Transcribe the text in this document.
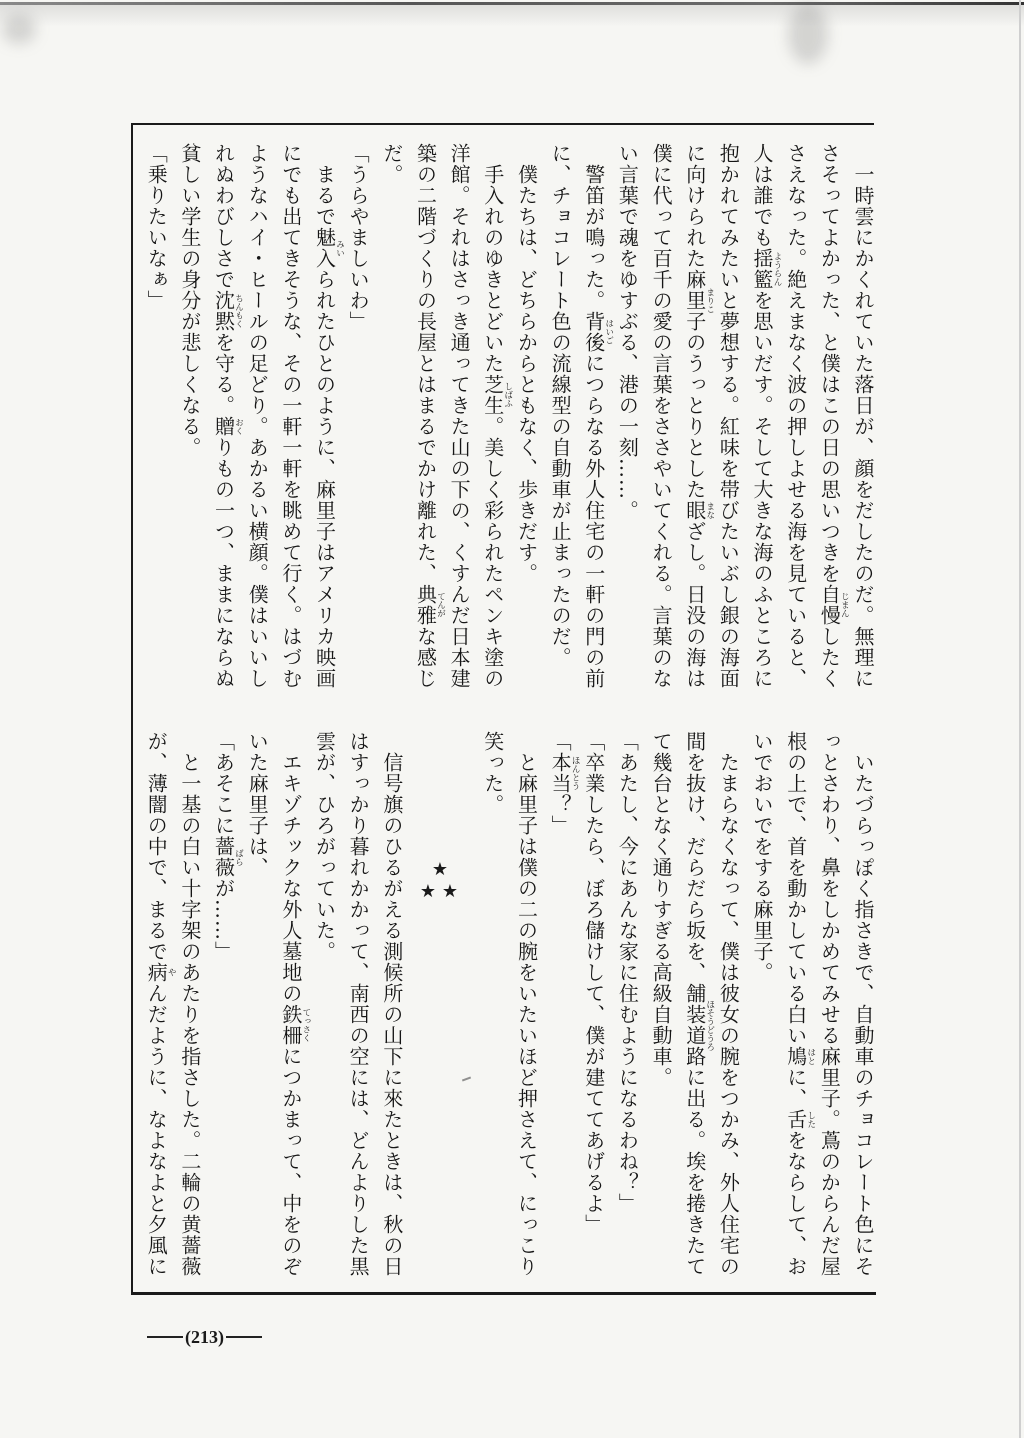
一時雲にかくれていた落日が、顔をだしたのだ。無理に
さそってよかった、と僕はこの日の思いつきを自慢
じまん
したく
さえなった。絶えまなく波の押しよせる海を見ていると、
人は誰でも揺籃
ようらん
を思いだす。そして大きな海のふところに
抱かれてみたいと夢想する。紅味を帯びたいぶし銀の海面
に向けられた麻里子
まりこ
のうっとりとした眼
まな
ざし。日没の海は
僕に代って百千の愛の言葉をささやいてくれる。言葉のな
い言葉で魂をゆすぶる、港の一刻……。
警笛が鳴った。背後
はいご
につらなる外人住宅の一軒の門の前
に、チョコレート色の流線型の自動車が止まったのだ。
僕たちは、どちらからともなく、歩きだす。
手入れのゆきとどいた芝生
しばふ
。美しく彩られたペンキ塗の
洋館。それはさっき通ってきた山の下の、くすんだ日本建
築の二階づくりの長屋とはまるでかけ離れた、典雅
てんが
な感じ
だ。
「うらやましいわ」
まるで魅入
みい
られたひとのように、麻里子はアメリカ映画
にでも出てきそうな、その一軒一軒を眺めて行く。はづむ
ようなハイ・ヒールの足どり。あかるい横顔。僕はいいし
れぬわびしさで沈黙
ちんもく
を守る。贈
おく
りもの一つ、ままにならぬ
貧しい学生の身分が悲しくなる。
「乗りたいなぁ」
いたづらっぽく指さきで、自動車のチョコレート色にそ
っとさわり、鼻をしかめてみせる麻里子。蔦のからんだ屋
根の上で、首を動かしている白い鳩
はと
に、舌
した
をならして、お
いでおいでをする麻里子。
たまらなくなって、僕は彼女の腕をつかみ、外人住宅の
間を抜け、だらだら坂を、舗装道路
ほそうどうろ
に出る。埃を捲きたて
て幾台となく通りすぎる高級自動車。
「あたし、今にあんな家に住むようになるわね？」
「卒業したら、ぼろ儲けして、僕が建ててあげるよ」
「本当
ほんとう
？」
と麻里子は僕の二の腕をいたいほど押さえて、にっこり
笑った。
信号旗のひるがえる測候所の山下に來たときは、秋の日
はすっかり暮れかかって、南西の空には、どんよりした黒
雲が、ひろがっていた。
エキゾチックな外人墓地の鉄柵
てっさく
につかまって、中をのぞ
いた麻里子は、
「あそこに薔薇
ばら
が……」
と一基の白い十字架のあたりを指さした。二輪の黄薔薇
が、薄闇の中で、まるで病
や
んだように、なよなよと夕風に
★
★ ★
(213)
